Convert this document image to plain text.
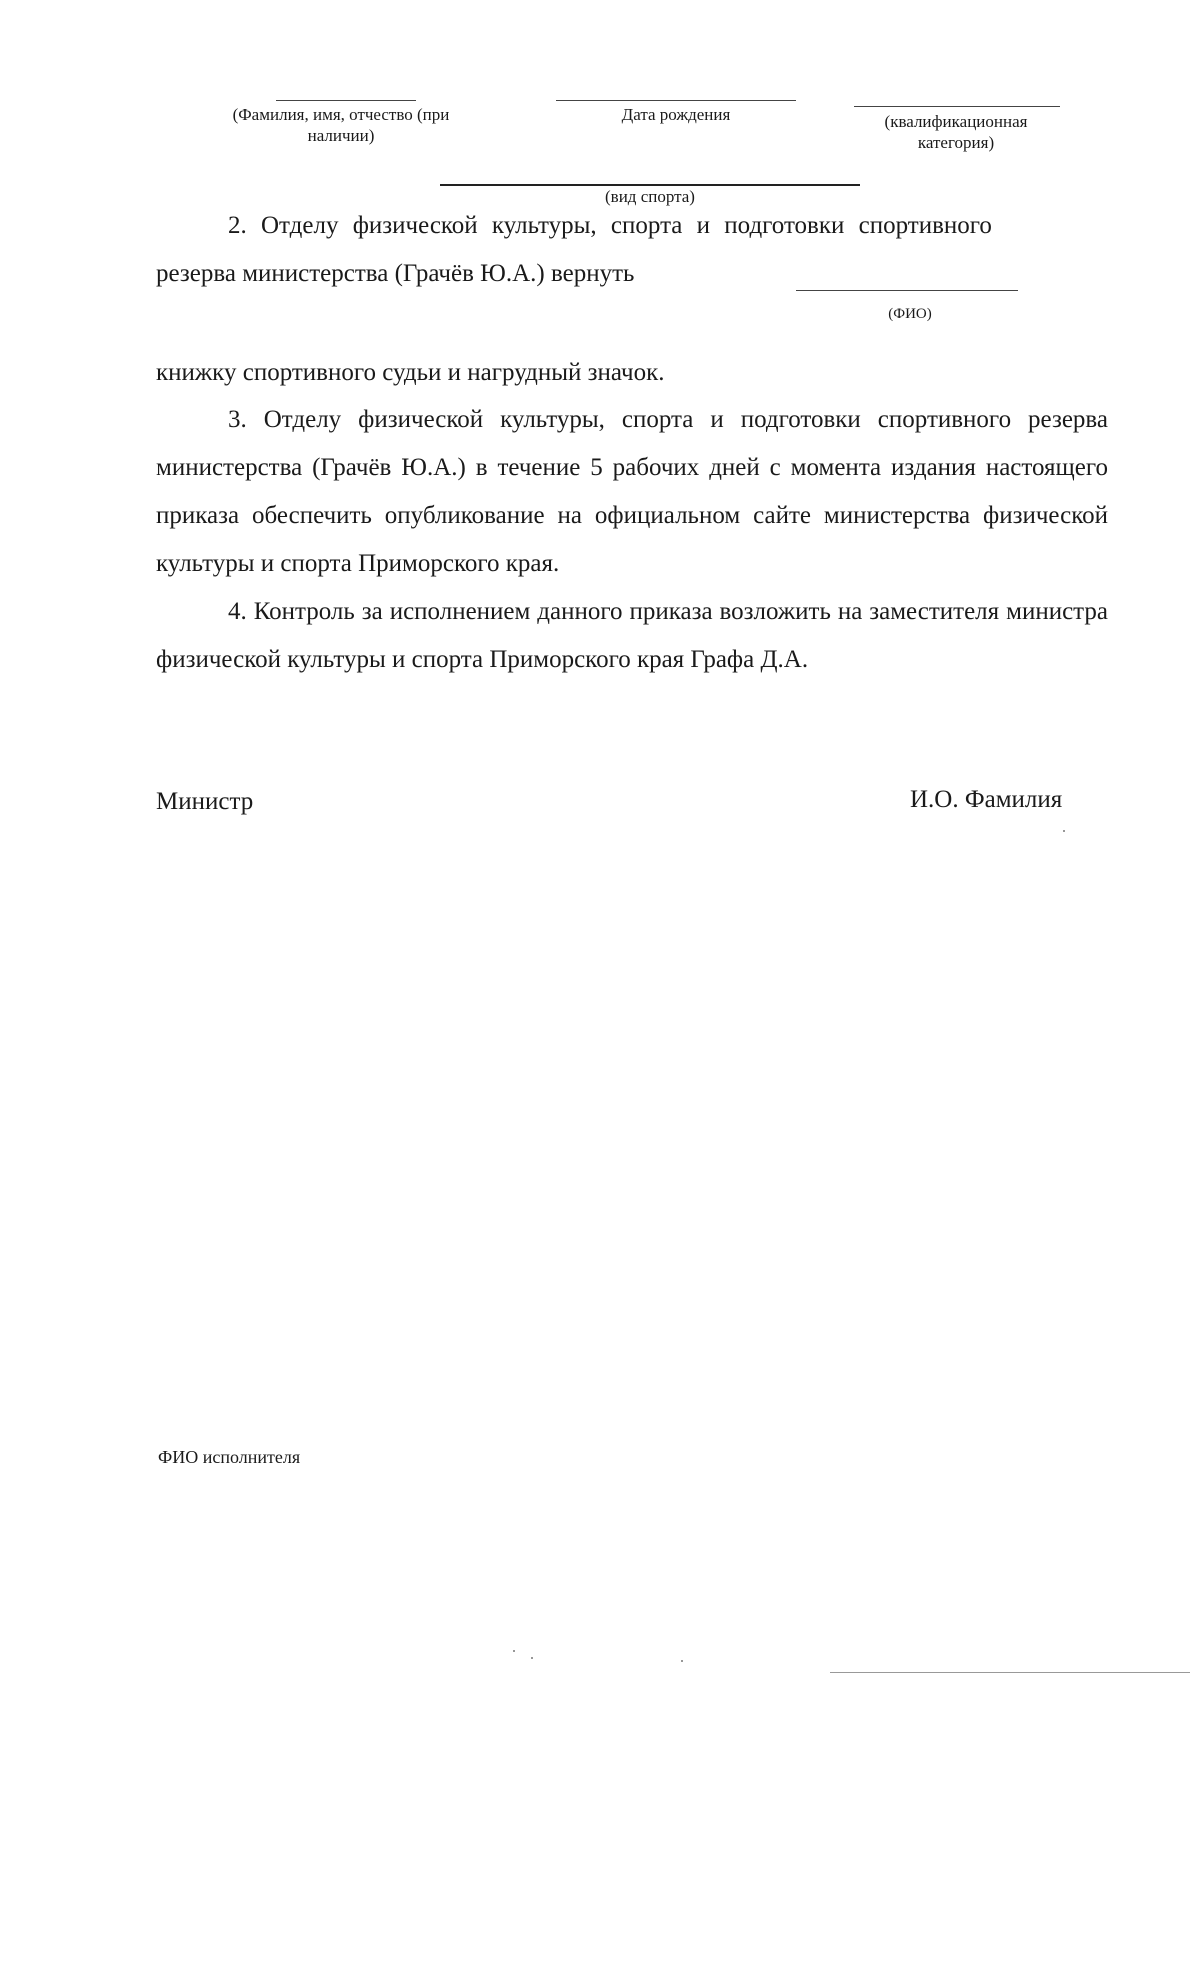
(Фамилия, имя, отчество (при наличии)
Дата рождения	(квалификационная категория)
(вид спорта)
2. Отделу физической культуры, спорта и подготовки спортивного
резерва министерства (Грачёв Ю.А.) вернуть
(ФИО)
книжку спортивного судьи и нагрудный значок.
3. Отделу физической культуры, спорта и подготовки спортивного резерва министерства (Грачёв Ю.А.) в течение 5 рабочих дней с момента издания настоящего приказа обеспечить опубликование на официальном сайте министерства физической культуры и спорта Приморского края.
4. Контроль за исполнением данного приказа возложить на заместителя министра физической культуры и спорта Приморского края Графа Д.А.
Министр	И.О. Фамилия
ФИО исполнителя
